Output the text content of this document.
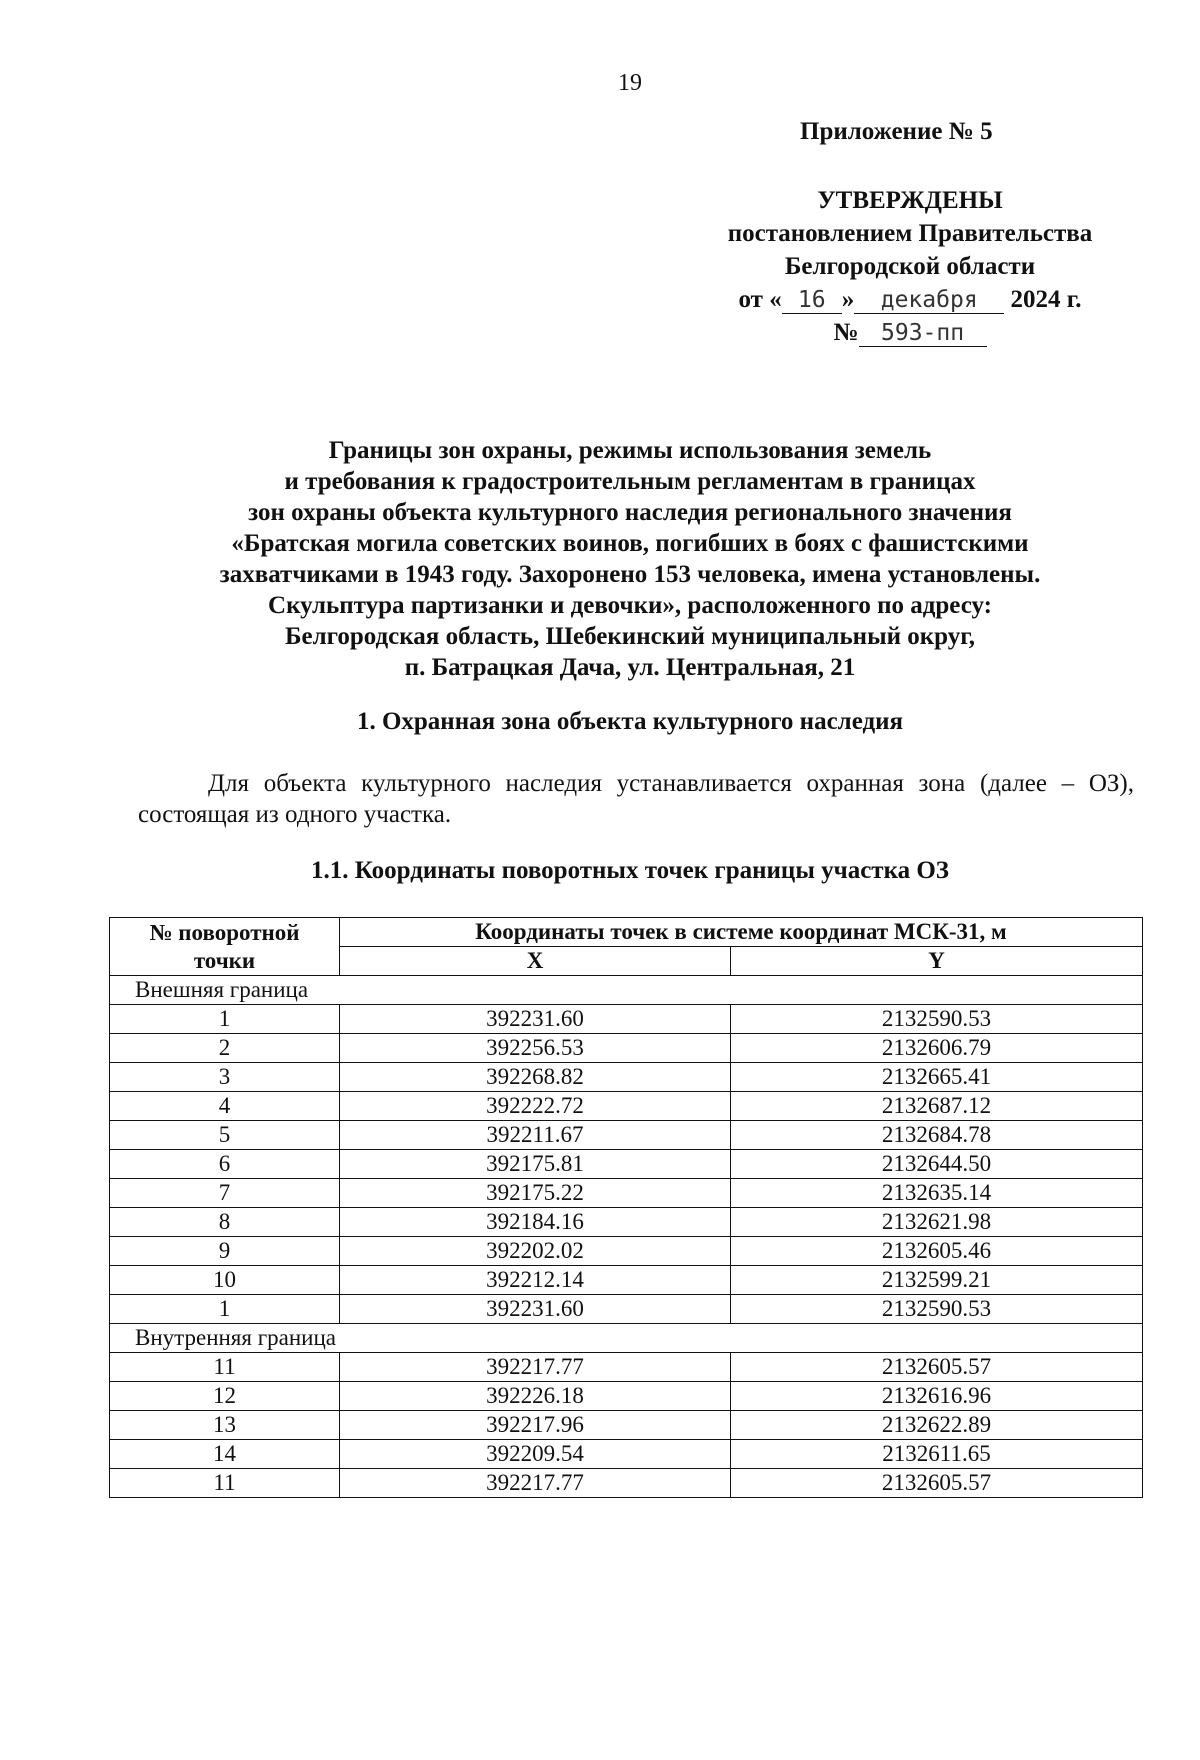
19
Приложение № 5
УТВЕРЖДЕНЫ
постановлением Правительства
Белгородской области
от « 16 » декабря 2024 г.
№ 593-пп
Границы зон охраны, режимы использования земель
и требования к градостроительным регламентам в границах
зон охраны объекта культурного наследия регионального значения
«Братская могила советских воинов, погибших в боях с фашистскими
захватчиками в 1943 году. Захоронено 153 человека, имена установлены.
Скульптура партизанки и девочки», расположенного по адресу:
Белгородская область, Шебекинский муниципальный округ,
п. Батрацкая Дача, ул. Центральная, 21
1. Охранная зона объекта культурного наследия
Для объекта культурного наследия устанавливается охранная зона (далее – ОЗ), состоящая из одного участка.
1.1. Координаты поворотных точек границы участка ОЗ
№ поворотной точки	Координаты точек в системе координат МСК-31, м	
	X	Y
Внешняя граница		
1	392231.60	2132590.53
2	392256.53	2132606.79
3	392268.82	2132665.41
4	392222.72	2132687.12
5	392211.67	2132684.78
6	392175.81	2132644.50
7	392175.22	2132635.14
8	392184.16	2132621.98
9	392202.02	2132605.46
10	392212.14	2132599.21
1	392231.60	2132590.53
Внутренняя граница		
11	392217.77	2132605.57
12	392226.18	2132616.96
13	392217.96	2132622.89
14	392209.54	2132611.65
11	392217.77	2132605.57
